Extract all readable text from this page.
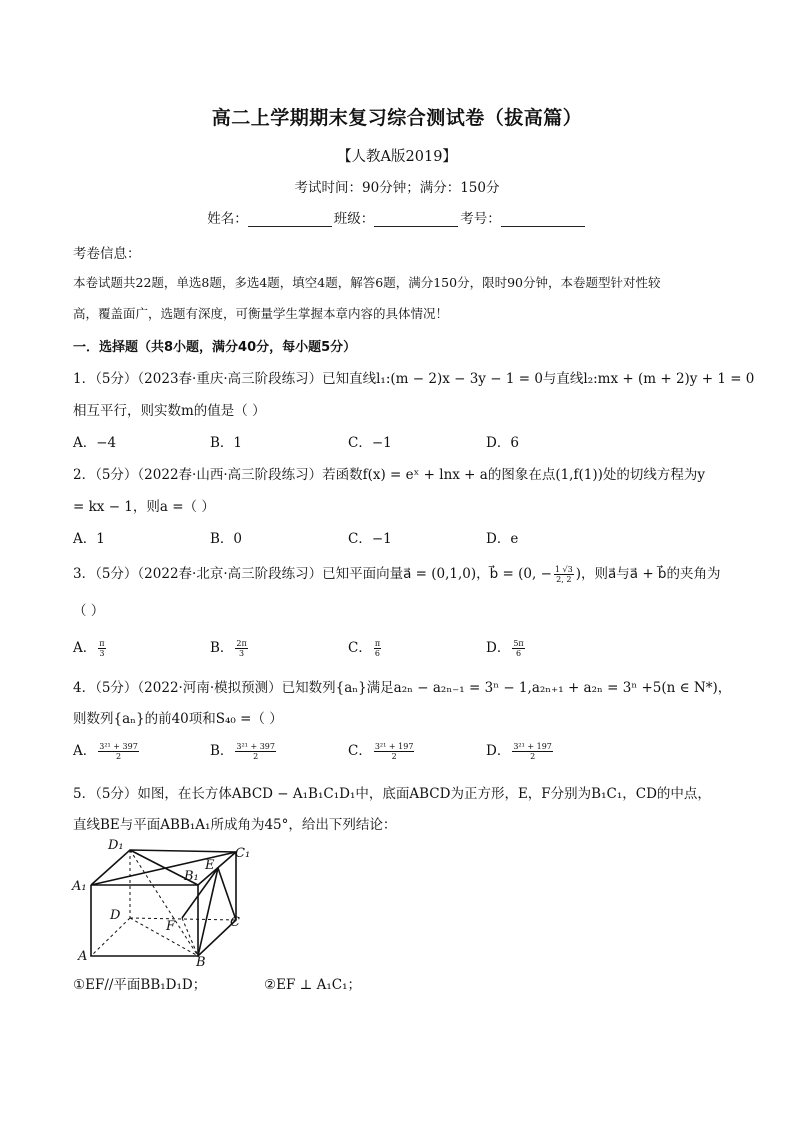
高二上学期期末复习综合测试卷（拔高篇）
【人教A版2019】
考试时间：90分钟；满分：150分
姓名：	班级：	考号：
考卷信息：
本卷试题共22题，单选8题，多选4题，填空4题，解答6题，满分150分，限时90分钟，本卷题型针对性较
高，覆盖面广，选题有深度，可衡量学生掌握本章内容的具体情况！
一．选择题（共8小题，满分40分，每小题5分）
1．（5分）（2023春·重庆·高三阶段练习）已知直线l₁:(m − 2)x − 3y − 1 = 0与直线l₂:mx + (m + 2)y + 1 = 0
相互平行，则实数m的值是（ ）
A．−4	B．1	C．−1	D．6
2．（5分）（2022春·山西·高三阶段练习）若函数f(x) = eˣ + lnx + a的图象在点(1,f(1))处的切线方程为y
= kx − 1，则a =（ ）
A．1	B．0	C．−1	D．e
3．（5分）（2022春·北京·高三阶段练习）已知平面向量a⃗ = (0,1,0)，b⃗ = (0, − $\frac{1 √3}{2, 2}$ )，则a⃗与a⃗ + b⃗的夹角为
（ ）
A． $\frac{\pi}{3}$	B． $\frac{2\pi}{3}$	C． $\frac{\pi}{6}$	D． $\frac{5\pi}{6}$
4．（5分）（2022·河南·模拟预测）已知数列{aₙ}满足a₂ₙ − a₂ₙ₋₁ = 3ⁿ − 1,a₂ₙ₊₁ + a₂ₙ = 3ⁿ +5(n ∈ N*)，
则数列{aₙ}的前40项和S₄₀ =（ ）
A． $\frac{\text{3²¹ + 397}}{2}$	B． $\frac{\text{3²¹ + 397}}{2}$	C． $\frac{\text{3²¹ + 197}}{2}$	D． $\frac{\text{3²¹ + 197}}{2}$
5．（5分）如图，在长方体ABCD − A₁B₁C₁D₁中，底面ABCD为正方形，E，F分别为B₁C₁，CD的中点，
直线BE与平面ABB₁A₁所成角为45°，给出下列结论：
D₁
C₁
A₁
B₁
E
D	C
F
A	B
①EF//平面BB₁D₁D；	②EF ⊥ A₁C₁；
